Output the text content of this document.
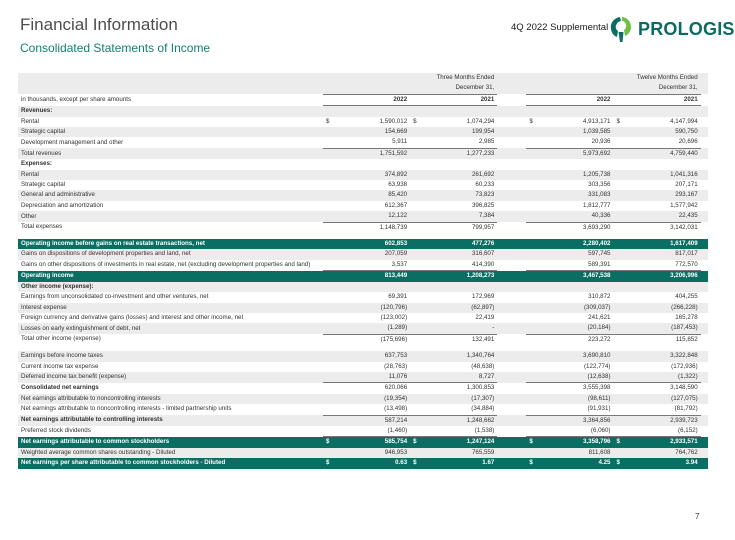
Financial Information
Consolidated Statements of Income
4Q 2022 Supplemental PROLOGIS
	Three Months Ended					Twelve Months Ended				
	December 31,					December 31,				
in thousands, except per share amounts	2022		2021			2022		2021		
Revenues:										
Rental	$	1,590,012	$	1,074,294		$	4,913,171	$	4,147,994	
Strategic capital		154,669		199,954			1,039,585		590,750	
Development management and other		5,911		2,985			20,936		20,696	
Total revenues		1,751,592		1,277,233			5,973,692		4,759,440	
Expenses:										
Rental		374,892		261,692			1,205,738		1,041,316	
Strategic capital		63,938		60,233			303,356		207,171	
General and administrative		85,420		73,823			331,083		293,167	
Depreciation and amortization		612,367		396,825			1,812,777		1,577,942	
Other		12,122		7,384			40,336		22,435	
Total expenses		1,148,739		799,957			3,693,290		3,142,031	

Operating income before gains on real estate transactions, net		602,853		477,276			2,280,402		1,617,409	
Gains on dispositions of development properties and land, net		207,059		316,607			597,745		817,017	
Gains on other dispositions of investments in real estate, net (excluding development properties and land)		3,537		414,390			589,391		772,570	
Operating income		813,449		1,208,273			3,467,538		3,206,996	
Other income (expense):										
Earnings from unconsolidated co-investment and other ventures, net		69,391		172,969			310,872		404,255	
Interest expense		(120,796)		(62,897)			(309,037)		(266,228)	
Foreign currency and derivative gains (losses) and interest and other income, net		(123,002)		22,419			241,621		165,278	
Losses on early extinguishment of debt, net		(1,289)		-			(20,184)		(187,453)	
Total other income (expense)		(175,696)		132,491			223,272		115,852	

Earnings before income taxes		637,753		1,340,764			3,690,810		3,322,848	
Current income tax expense		(28,763)		(48,638)			(122,774)		(172,936)	
Deferred income tax benefit (expense)		11,076		8,727			(12,638)		(1,322)	
Consolidated net earnings		620,066		1,300,853			3,555,398		3,148,590	
Net earnings attributable to noncontrolling interests		(19,354)		(17,307)			(98,611)		(127,075)	
Net earnings attributable to noncontrolling interests - limited partnership units		(13,498)		(34,884)			(91,931)		(81,792)	
Net earnings attributable to controlling interests		587,214		1,248,662			3,364,856		2,939,723	
Preferred stock dividends		(1,460)		(1,538)			(6,060)		(6,152)	
Net earnings attributable to common stockholders	$	585,754	$	1,247,124		$	3,358,796	$	2,933,571	
Weighted average common shares outstanding - Diluted		946,953		765,559			811,608		764,762	
Net earnings per share attributable to common stockholders - Diluted	$	0.63	$	1.67		$	4.25	$	3.94	
7
